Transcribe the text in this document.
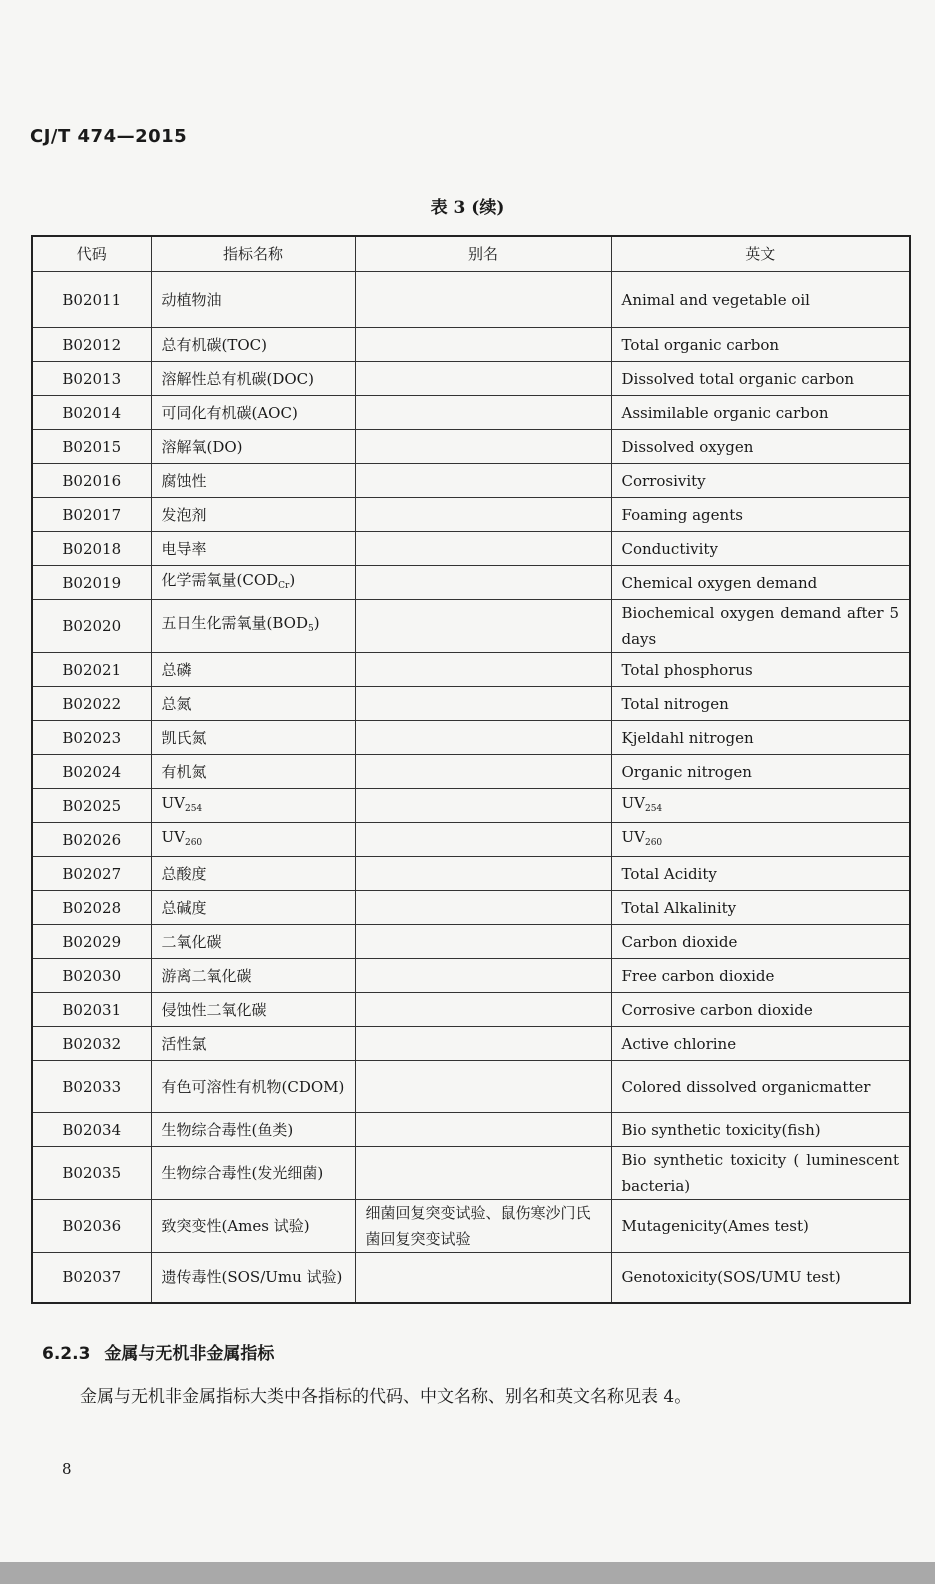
CJ/T 474—2015
表 3 (续)
代码	指标名称	别名	英文
B02011	动植物油		Animal and vegetable oil
B02012	总有机碳(TOC)		Total organic carbon
B02013	溶解性总有机碳(DOC)		Dissolved total organic carbon
B02014	可同化有机碳(AOC)		Assimilable organic carbon
B02015	溶解氧(DO)		Dissolved oxygen
B02016	腐蚀性		Corrosivity
B02017	发泡剂		Foaming agents
B02018	电导率		Conductivity
B02019	化学需氧量$(COD_{Cr})$		Chemical oxygen demand
B02020	五日生化需氧量$(BOD_5)$		Biochemical oxygen demand after 5 days
B02021	总磷		Total phosphorus
B02022	总氮		Total nitrogen
B02023	凯氏氮		Kjeldahl nitrogen
B02024	有机氮		Organic nitrogen
B02025	$UV_{254}$		$UV_{254}$
B02026	$UV_{260}$		$UV_{260}$
B02027	总酸度		Total Acidity
B02028	总碱度		Total Alkalinity
B02029	二氧化碳		Carbon dioxide
B02030	游离二氧化碳		Free carbon dioxide
B02031	侵蚀性二氧化碳		Corrosive carbon dioxide
B02032	活性氯		Active chlorine
B02033	有色可溶性有机物(CDOM)		Colored dissolved organicmatter
B02034	生物综合毒性(鱼类)		Bio synthetic toxicity(fish)
B02035	生物综合毒性(发光细菌)		Bio synthetic toxicity ( luminescent bacteria)
B02036	致突变性(Ames 试验)	细菌回复突变试验、鼠伤寒沙门氏菌回复突变试验	Mutagenicity(Ames test)
B02037	遗传毒性(SOS/Umu 试验)		Genotoxicity(SOS/UMU test)
6.2.3 金属与无机非金属指标
金属与无机非金属指标大类中各指标的代码、中文名称、别名和英文名称见表 4。
8
